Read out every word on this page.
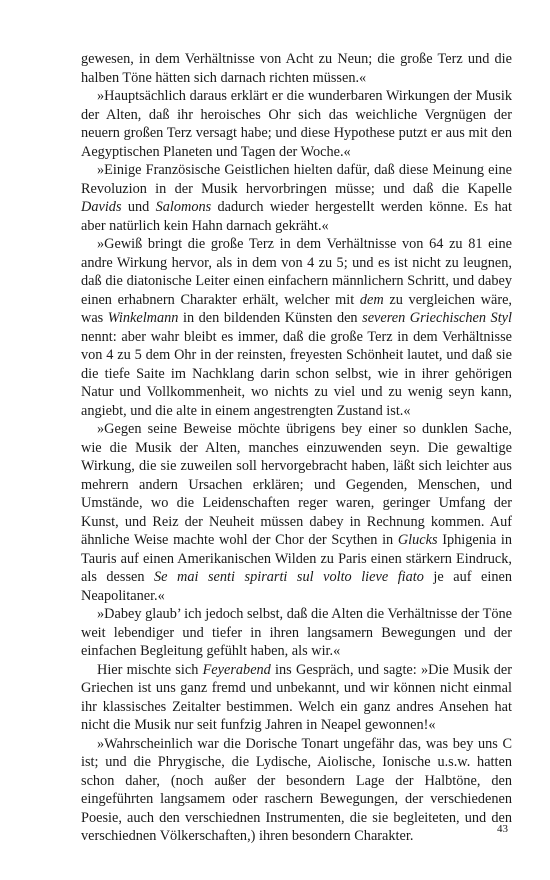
gewesen, in dem Verhältnisse von Acht zu Neun; die große Terz und die halben Töne hätten sich darnach richten müssen.«

»Hauptsächlich daraus erklärt er die wunderbaren Wirkungen der Musik der Alten, daß ihr heroisches Ohr sich das weichliche Vergnügen der neuern großen Terz versagt habe; und diese Hypothese putzt er aus mit den Aegyptischen Planeten und Tagen der Woche.«

»Einige Französische Geistlichen hielten dafür, daß diese Meinung eine Revoluzion in der Musik hervorbringen müsse; und daß die Kapelle Davids und Salomons dadurch wieder hergestellt werden könne. Es hat aber natürlich kein Hahn darnach gekräht.«

»Gewiß bringt die große Terz in dem Verhältnisse von 64 zu 81 eine andre Wirkung hervor, als in dem von 4 zu 5; und es ist nicht zu leugnen, daß die diatonische Leiter einen einfachern männlichern Schritt, und dabey einen erhabnern Charakter erhält, welcher mit dem zu vergleichen wäre, was Winkelmann in den bildenden Künsten den severen Griechischen Styl nennt: aber wahr bleibt es immer, daß die große Terz in dem Verhältnisse von 4 zu 5 dem Ohr in der reinsten, freyesten Schönheit lautet, und daß sie die tiefe Saite im Nachklang darin schon selbst, wie in ihrer gehörigen Natur und Vollkommenheit, wo nichts zu viel und zu wenig seyn kann, angiebt, und die alte in einem angestrengten Zustand ist.«

»Gegen seine Beweise möchte übrigens bey einer so dunklen Sache, wie die Musik der Alten, manches einzuwenden seyn. Die gewaltige Wirkung, die sie zuweilen soll hervorgebracht haben, läßt sich leichter aus mehrern andern Ursachen erklären; und Gegenden, Menschen, und Umstände, wo die Leidenschaften reger waren, geringer Umfang der Kunst, und Reiz der Neuheit müssen dabey in Rechnung kommen. Auf ähnliche Weise machte wohl der Chor der Scythen in Glucks Iphigenia in Tauris auf einen Amerikanischen Wilden zu Paris einen stärkern Eindruck, als dessen Se mai senti spirarti sul volto lieve fiato je auf einen Neapolitaner.«

»Dabey glaub’ ich jedoch selbst, daß die Alten die Verhältnisse der Töne weit lebendiger und tiefer in ihren langsamern Bewegungen und der einfachen Begleitung gefühlt haben, als wir.«

Hier mischte sich Feyerabend ins Gespräch, und sagte: »Die Musik der Griechen ist uns ganz fremd und unbekannt, und wir können nicht einmal ihr klassisches Zeitalter bestimmen. Welch ein ganz andres Ansehen hat nicht die Musik nur seit funfzig Jahren in Neapel gewonnen!«

»Wahrscheinlich war die Dorische Tonart ungefähr das, was bey uns C ist; und die Phrygische, die Lydische, Aiolische, Ionische u.s.w. hatten schon daher, (noch außer der besondern Lage der Halbtöne, den eingeführten langsamem oder raschern Bewegungen, der verschiedenen Poesie, auch den verschiednen Instrumenten, die sie begleiteten, und den verschiednen Völkerschaften,) ihren besondern Charakter.	43
